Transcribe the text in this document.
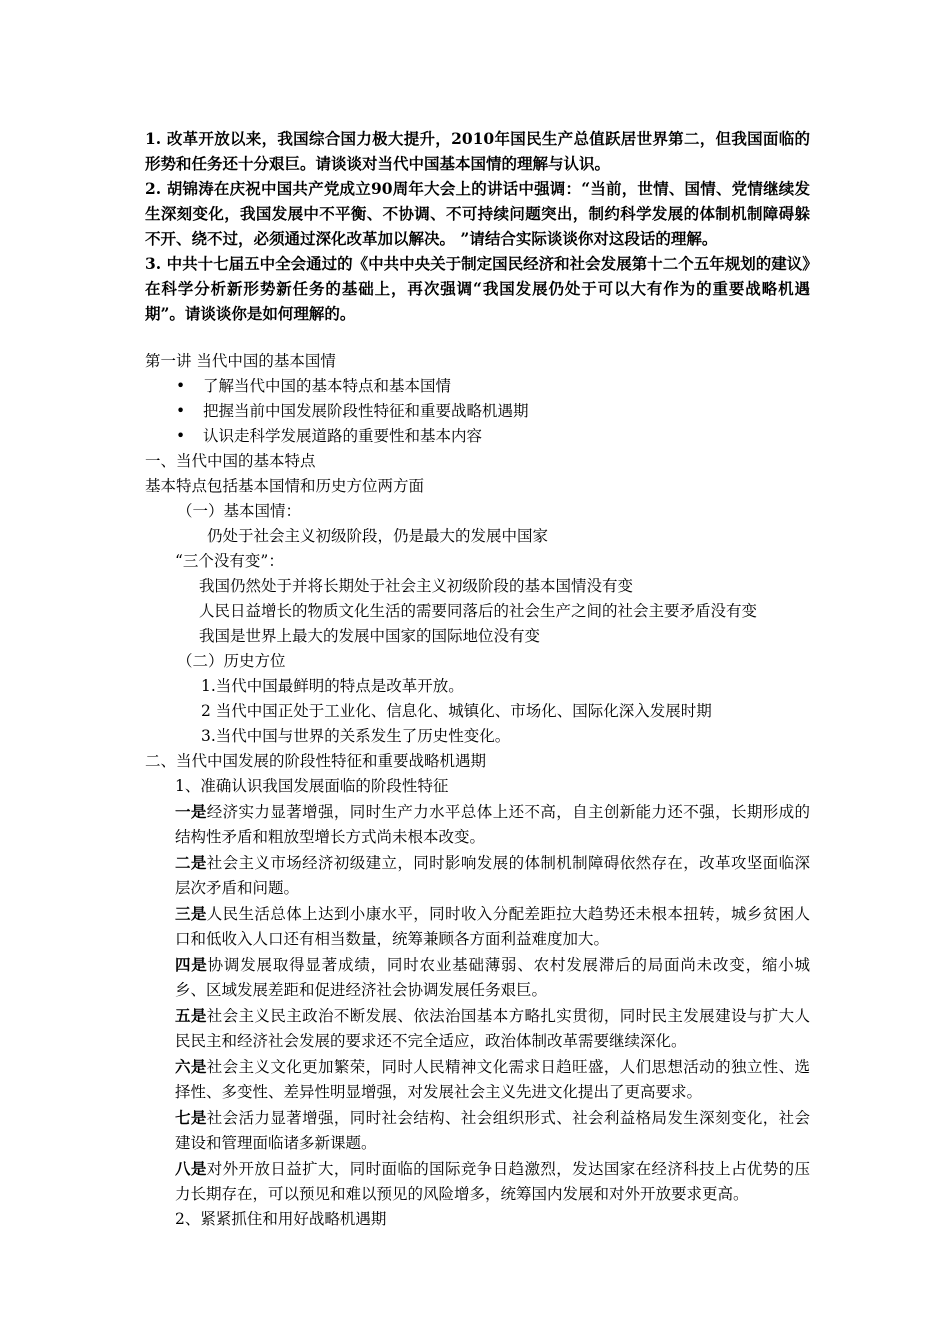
1. 改革开放以来，我国综合国力极大提升，2010年国民生产总值跃居世界第二，但我国面临的形势和任务还十分艰巨。请谈谈对当代中国基本国情的理解与认识。

2. 胡锦涛在庆祝中国共产党成立90周年大会上的讲话中强调：“当前，世情、国情、党情继续发生深刻变化，我国发展中不平衡、不协调、不可持续问题突出，制约科学发展的体制机制障碍躲不开、绕不过，必须通过深化改革加以解决。 ”请结合实际谈谈你对这段话的理解。

3. 中共十七届五中全会通过的《中共中央关于制定国民经济和社会发展第十二个五年规划的建议》在科学分析新形势新任务的基础上，再次强调“我国发展仍处于可以大有作为的重要战略机遇期”。请谈谈你是如何理解的。

第一讲 当代中国的基本国情

• 了解当代中国的基本特点和基本国情
• 把握当前中国发展阶段性特征和重要战略机遇期
• 认识走科学发展道路的重要性和基本内容

一、当代中国的基本特点

基本特点包括基本国情和历史方位两方面

（一）基本国情：

仍处于社会主义初级阶段，仍是最大的发展中国家

“三个没有变”：

我国仍然处于并将长期处于社会主义初级阶段的基本国情没有变

人民日益增长的物质文化生活的需要同落后的社会生产之间的社会主要矛盾没有变

我国是世界上最大的发展中国家的国际地位没有变

（二）历史方位

1.当代中国最鲜明的特点是改革开放。

2 当代中国正处于工业化、信息化、城镇化、市场化、国际化深入发展时期

3.当代中国与世界的关系发生了历史性变化。

二、当代中国发展的阶段性特征和重要战略机遇期

1、准确认识我国发展面临的阶段性特征

一是经济实力显著增强，同时生产力水平总体上还不高，自主创新能力还不强，长期形成的结构性矛盾和粗放型增长方式尚未根本改变。

二是社会主义市场经济初级建立，同时影响发展的体制机制障碍依然存在，改革攻坚面临深层次矛盾和问题。

三是人民生活总体上达到小康水平，同时收入分配差距拉大趋势还未根本扭转，城乡贫困人口和低收入人口还有相当数量，统筹兼顾各方面利益难度加大。

四是协调发展取得显著成绩，同时农业基础薄弱、农村发展滞后的局面尚未改变，缩小城乡、区域发展差距和促进经济社会协调发展任务艰巨。

五是社会主义民主政治不断发展、依法治国基本方略扎实贯彻，同时民主发展建设与扩大人民民主和经济社会发展的要求还不完全适应，政治体制改革需要继续深化。

六是社会主义文化更加繁荣，同时人民精神文化需求日趋旺盛，人们思想活动的独立性、选择性、多变性、差异性明显增强，对发展社会主义先进文化提出了更高要求。

七是社会活力显著增强，同时社会结构、社会组织形式、社会利益格局发生深刻变化，社会建设和管理面临诸多新课题。

八是对外开放日益扩大，同时面临的国际竞争日趋激烈，发达国家在经济科技上占优势的压力长期存在，可以预见和难以预见的风险增多，统筹国内发展和对外开放要求更高。

2、紧紧抓住和用好战略机遇期
